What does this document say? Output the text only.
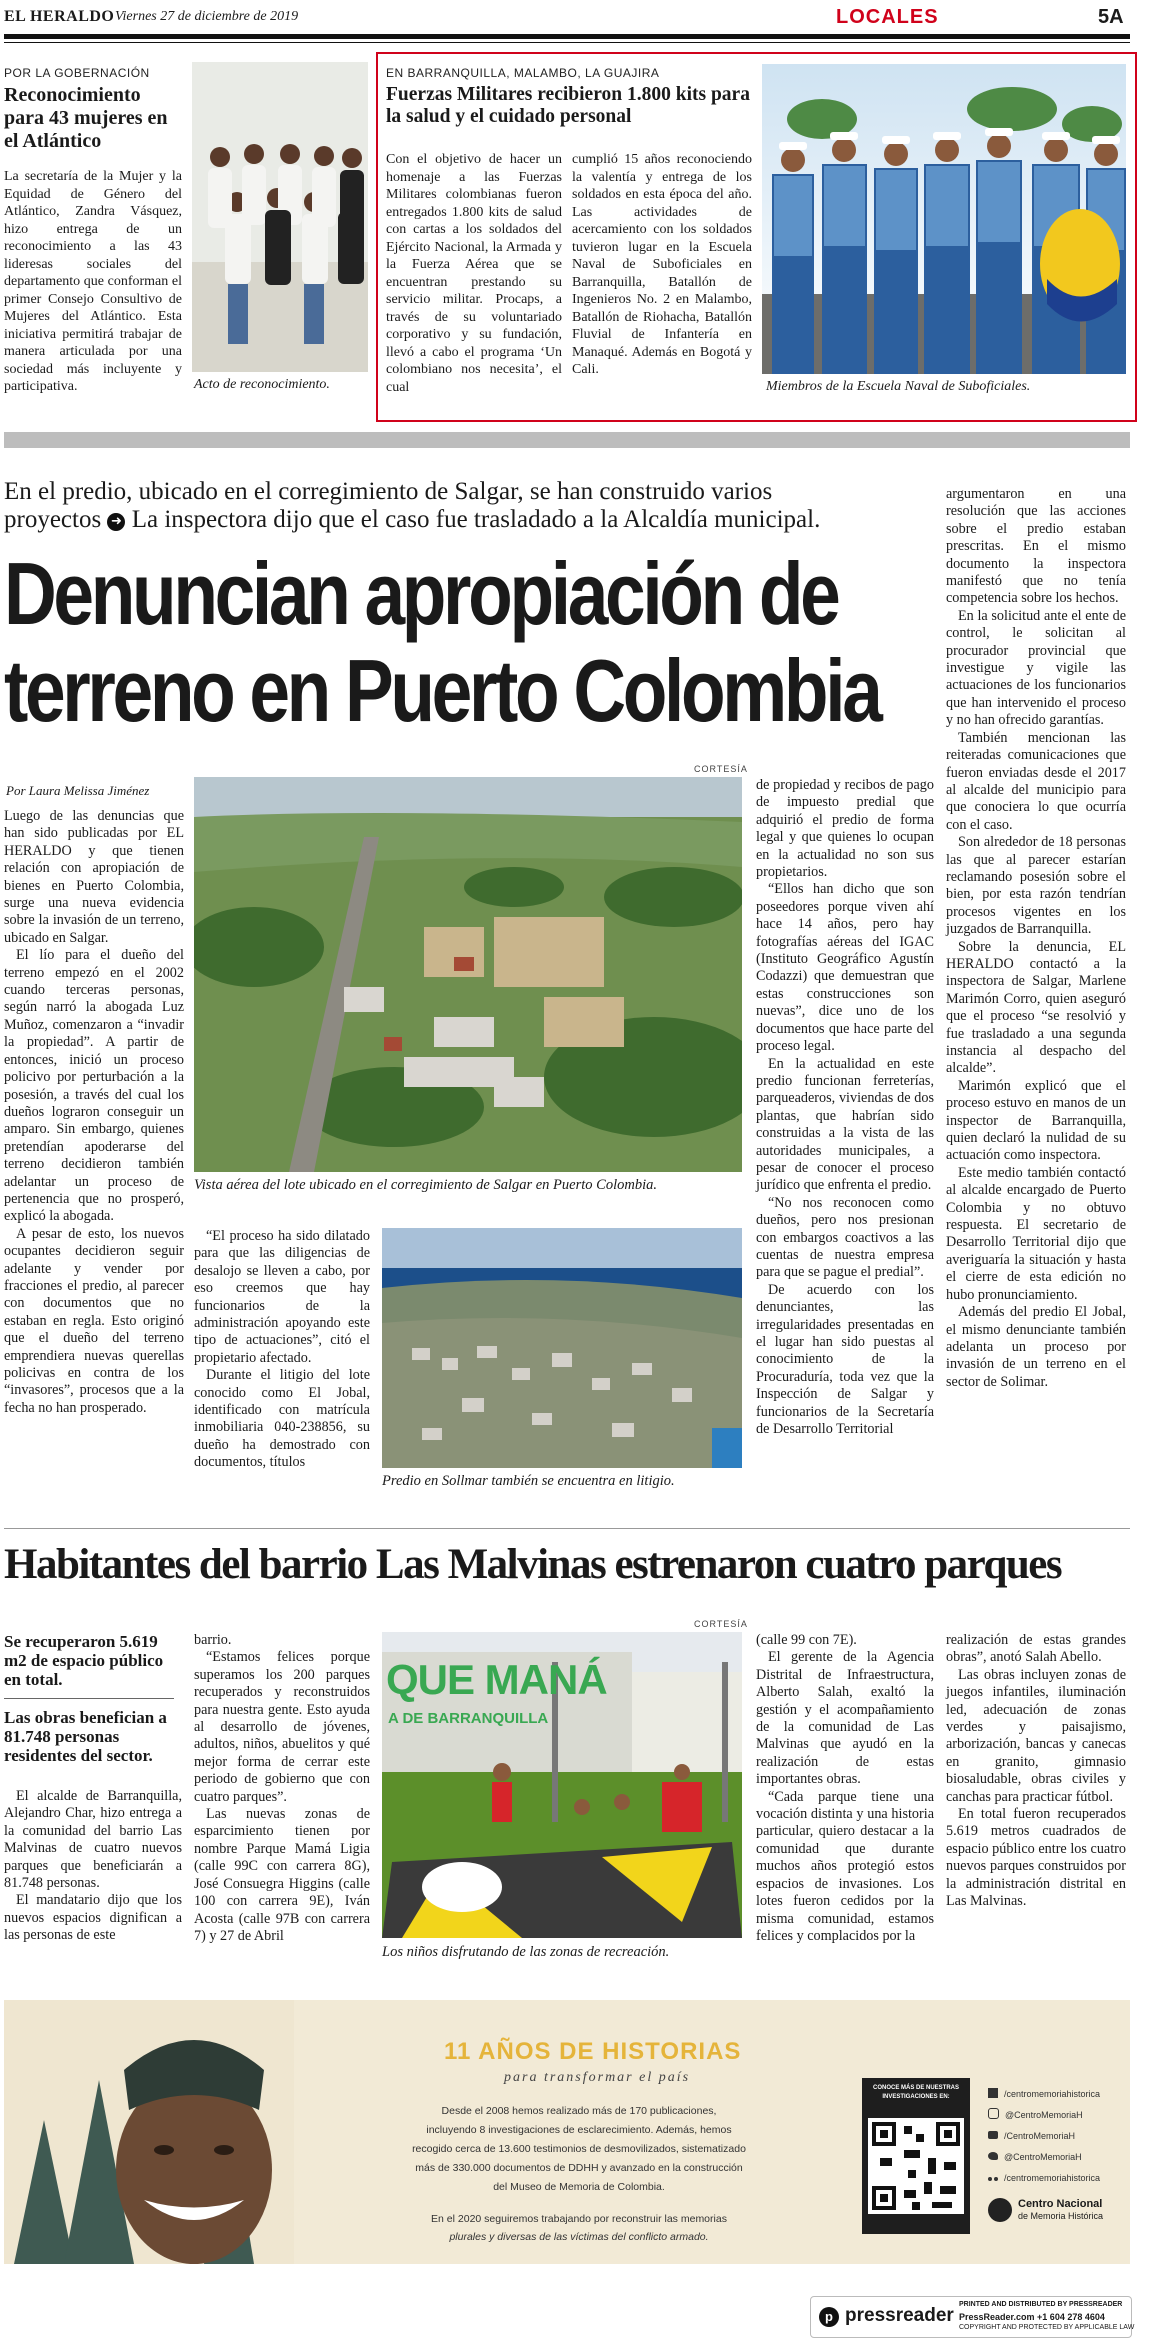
EL HERALDO Viernes 27 de diciembre de 2019	LOCALES	5A
POR LA GOBERNACIÓN
Reconocimiento para 43 mujeres en el Atlántico
La secretaría de la Mujer y la Equidad de Género del Atlántico, Zandra Vásquez, hizo entrega de un reconocimiento a las 43 lideresas sociales del departamento que conforman el primer Consejo Consultivo de Mujeres del Atlántico. Esta iniciativa permitirá trabajar de manera articulada por una sociedad más incluyente y participativa.	Acto de reconocimiento.
EN BARRANQUILLA, MALAMBO, LA GUAJIRA
Fuerzas Militares recibieron 1.800 kits para la salud y el cuidado personal
Con el objetivo de hacer un homenaje a las Fuerzas Militares colombianas fueron entregados 1.800 kits de salud con cartas a los soldados del Ejército Nacional, la Armada y la Fuerza Aérea que se encuentran prestando su servicio militar. Procaps, a través de su voluntariado corporativo y su fundación, llevó a cabo el programa ‘Un colombiano nos necesita’, el cual
cumplió 15 años reconociendo la valentía y entrega de los soldados en esta época del año. Las actividades de acercamiento con los soldados tuvieron lugar en la Escuela Naval de Suboficiales en Barranquilla, Batallón de Ingenieros No. 2 en Malambo, Batallón de Riohacha, Batallón Fluvial de Infantería en Manaqué. Además en Bogotá y Cali.
Miembros de la Escuela Naval de Suboficiales.
En el predio, ubicado en el corregimiento de Salgar, se han construido varios
proyectos ➜ La inspectora dijo que el caso fue trasladado a la Alcaldía municipal.
Denuncian apropiación de
terreno en Puerto Colombia
Por Laura Melissa Jiménez

Luego de las denuncias que han sido publicadas por EL HERALDO y que tienen relación con apropiación de bienes en Puerto Colombia, surge una nueva evidencia sobre la invasión de un terreno, ubicado en Salgar.

El lío para el dueño del terreno empezó en el 2002 cuando terceras personas, según narró la abogada Luz Muñoz, comenzaron a “invadir la propiedad”. A partir de entonces, inició un proceso policivo por perturbación a la posesión, a través del cual los dueños lograron conseguir un amparo. Sin embargo, quienes pretendían apoderarse del terreno decidieron también adelantar un proceso de pertenencia que no prosperó, explicó la abogada.

A pesar de esto, los nuevos ocupantes decidieron seguir adelante y vender por fracciones el predio, al parecer con documentos que no estaban en regla. Esto originó que el dueño del terreno emprendiera nuevas querellas policivas en contra de los “invasores”, procesos que a la fecha no han prosperado.

CORTESÍA
Vista aérea del lote ubicado en el corregimiento de Salgar en Puerto Colombia.

“El proceso ha sido dilatado para que las diligencias de desalojo se lleven a cabo, por eso creemos que hay funcionarios de la administración apoyando este tipo de actuaciones”, citó el propietario afectado.

Durante el litigio del lote conocido como El Jobal, identificado con matrícula inmobiliaria 040-238856, su dueño ha demostrado con documentos, títulos

Predio en Sollmar también se encuentra en litigio.

de propiedad y recibos de pago de impuesto predial que adquirió el predio de forma legal y que quienes lo ocupan en la actualidad no son sus propietarios.

“Ellos han dicho que son poseedores porque viven ahí hace 14 años, pero hay fotografías aéreas del IGAC (Instituto Geográfico Agustín Codazzi) que demuestran que estas construcciones son nuevas”, dice uno de los documentos que hace parte del proceso legal.

En la actualidad en este predio funcionan ferreterías, parqueaderos, viviendas de dos plantas, que habrían sido construidas a la vista de las autoridades municipales, a pesar de conocer el proceso jurídico que enfrenta el predio.

“No nos reconocen como dueños, pero nos presionan con embargos coactivos a las cuentas de nuestra empresa para que se pague el predial”.

De acuerdo con los denunciantes, las irregularidades presentadas en el lugar han sido puestas al conocimiento de la Procuraduría, toda vez que la Inspección de Salgar y funcionarios de la Secretaría de Desarrollo Territorial

argumentaron en una resolución que las acciones sobre el predio estaban prescritas. En el mismo documento la inspectora manifestó que no tenía competencia sobre los hechos.

En la solicitud ante el ente de control, le solicitan al procurador provincial que investigue y vigile las actuaciones de los funcionarios que han intervenido el proceso y no han ofrecido garantías.

También mencionan las reiteradas comunicaciones que fueron enviadas desde el 2017 al alcalde del municipio para que conociera lo que ocurría con el caso.

Son alrededor de 18 personas las que al parecer estarían reclamando posesión sobre el bien, por esta razón tendrían procesos vigentes en los juzgados de Barranquilla.

Sobre la denuncia, EL HERALDO contactó a la inspectora de Salgar, Marlene Marimón Corro, quien aseguró que el proceso “se resolvió y fue trasladado a una segunda instancia al despacho del alcalde”.

Marimón explicó que el proceso estuvo en manos de un inspector de Barranquilla, quien declaró la nulidad de su actuación como inspectora.

Este medio también contactó al alcalde encargado de Puerto Colombia y no obtuvo respuesta. El secretario de Desarrollo Territorial dijo que averiguaría la situación y hasta el cierre de esta edición no hubo pronunciamiento.

Además del predio El Jobal, el mismo denunciante también adelanta un proceso por invasión de un terreno en el sector de Solimar.

Habitantes del barrio Las Malvinas estrenaron cuatro parques
Se recuperaron 5.619 m2 de espacio público en total.
Las obras benefician a 81.748 personas residentes del sector.

El alcalde de Barranquilla, Alejandro Char, hizo entrega a la comunidad del barrio Las Malvinas de cuatro nuevos parques que beneficiarán a 81.748 personas.

El mandatario dijo que los nuevos espacios dignifican a las personas de este

barrio.

“Estamos felices porque superamos los 200 parques recuperados y reconstruidos para nuestra gente. Esto ayuda al desarrollo de jóvenes, adultos, niños, abuelitos y qué mejor forma de cerrar este periodo de gobierno que con cuatro parques”.

Las nuevas zonas de esparcimiento tienen por nombre Parque Mamá Ligia (calle 99C con carrera 8G), José Consuegra Higgins (calle 100 con carrera 9E), Iván Acosta (calle 97B con carrera 7) y 27 de Abril

CORTESÍA
QUE MANÁ
A DE BARRANQUILLA
Los niños disfrutando de las zonas de recreación.

(calle 99 con 7E).

El gerente de la Agencia Distrital de Infraestructura, Alberto Salah, exaltó la gestión y el acompañamiento de la comunidad de Las Malvinas que ayudó en la realización de estas importantes obras.

“Cada parque tiene una vocación distinta y una historia particular, quiero destacar a la comunidad que durante muchos años protegió estos espacios de invasiones. Los lotes fueron cedidos por la misma comunidad, estamos felices y complacidos por la

realización de estas grandes obras”, anotó Salah Abello.

Las obras incluyen zonas de juegos infantiles, iluminación led, adecuación de zonas verdes y paisajismo, arborización, bancas y canecas en granito, gimnasio biosaludable, obras civiles y canchas para practicar fútbol.

En total fueron recuperados 5.619 metros cuadrados de espacio público entre los cuatro nuevos parques construidos por la administración distrital en Las Malvinas.

11 AÑOS DE HISTORIAS
para transformar el país
Desde el 2008 hemos realizado más de 170 publicaciones,
incluyendo 8 investigaciones de esclarecimiento. Además, hemos
recogido cerca de 13.600 testimonios de desmovilizados, sistematizado
más de 330.000 documentos de DDHH y avanzado en la construcción
del Museo de Memoria de Colombia.
En el 2020 seguiremos trabajando por reconstruir las memorias
plurales y diversas de las víctimas del conflicto armado.
CONOCE MÁS DE NUESTRAS INVESTIGACIONES EN:	/centromemoriahistorica
@CentroMemoriaH
/CentroMemoriaH
@CentroMemoriaH
/centromemoriahistorica
Centro Nacional
de Memoria Histórica
p pressreader
PRINTED AND DISTRIBUTED BY PRESSREADER
PressReader.com +1 604 278 4604
COPYRIGHT AND PROTECTED BY APPLICABLE LAW
